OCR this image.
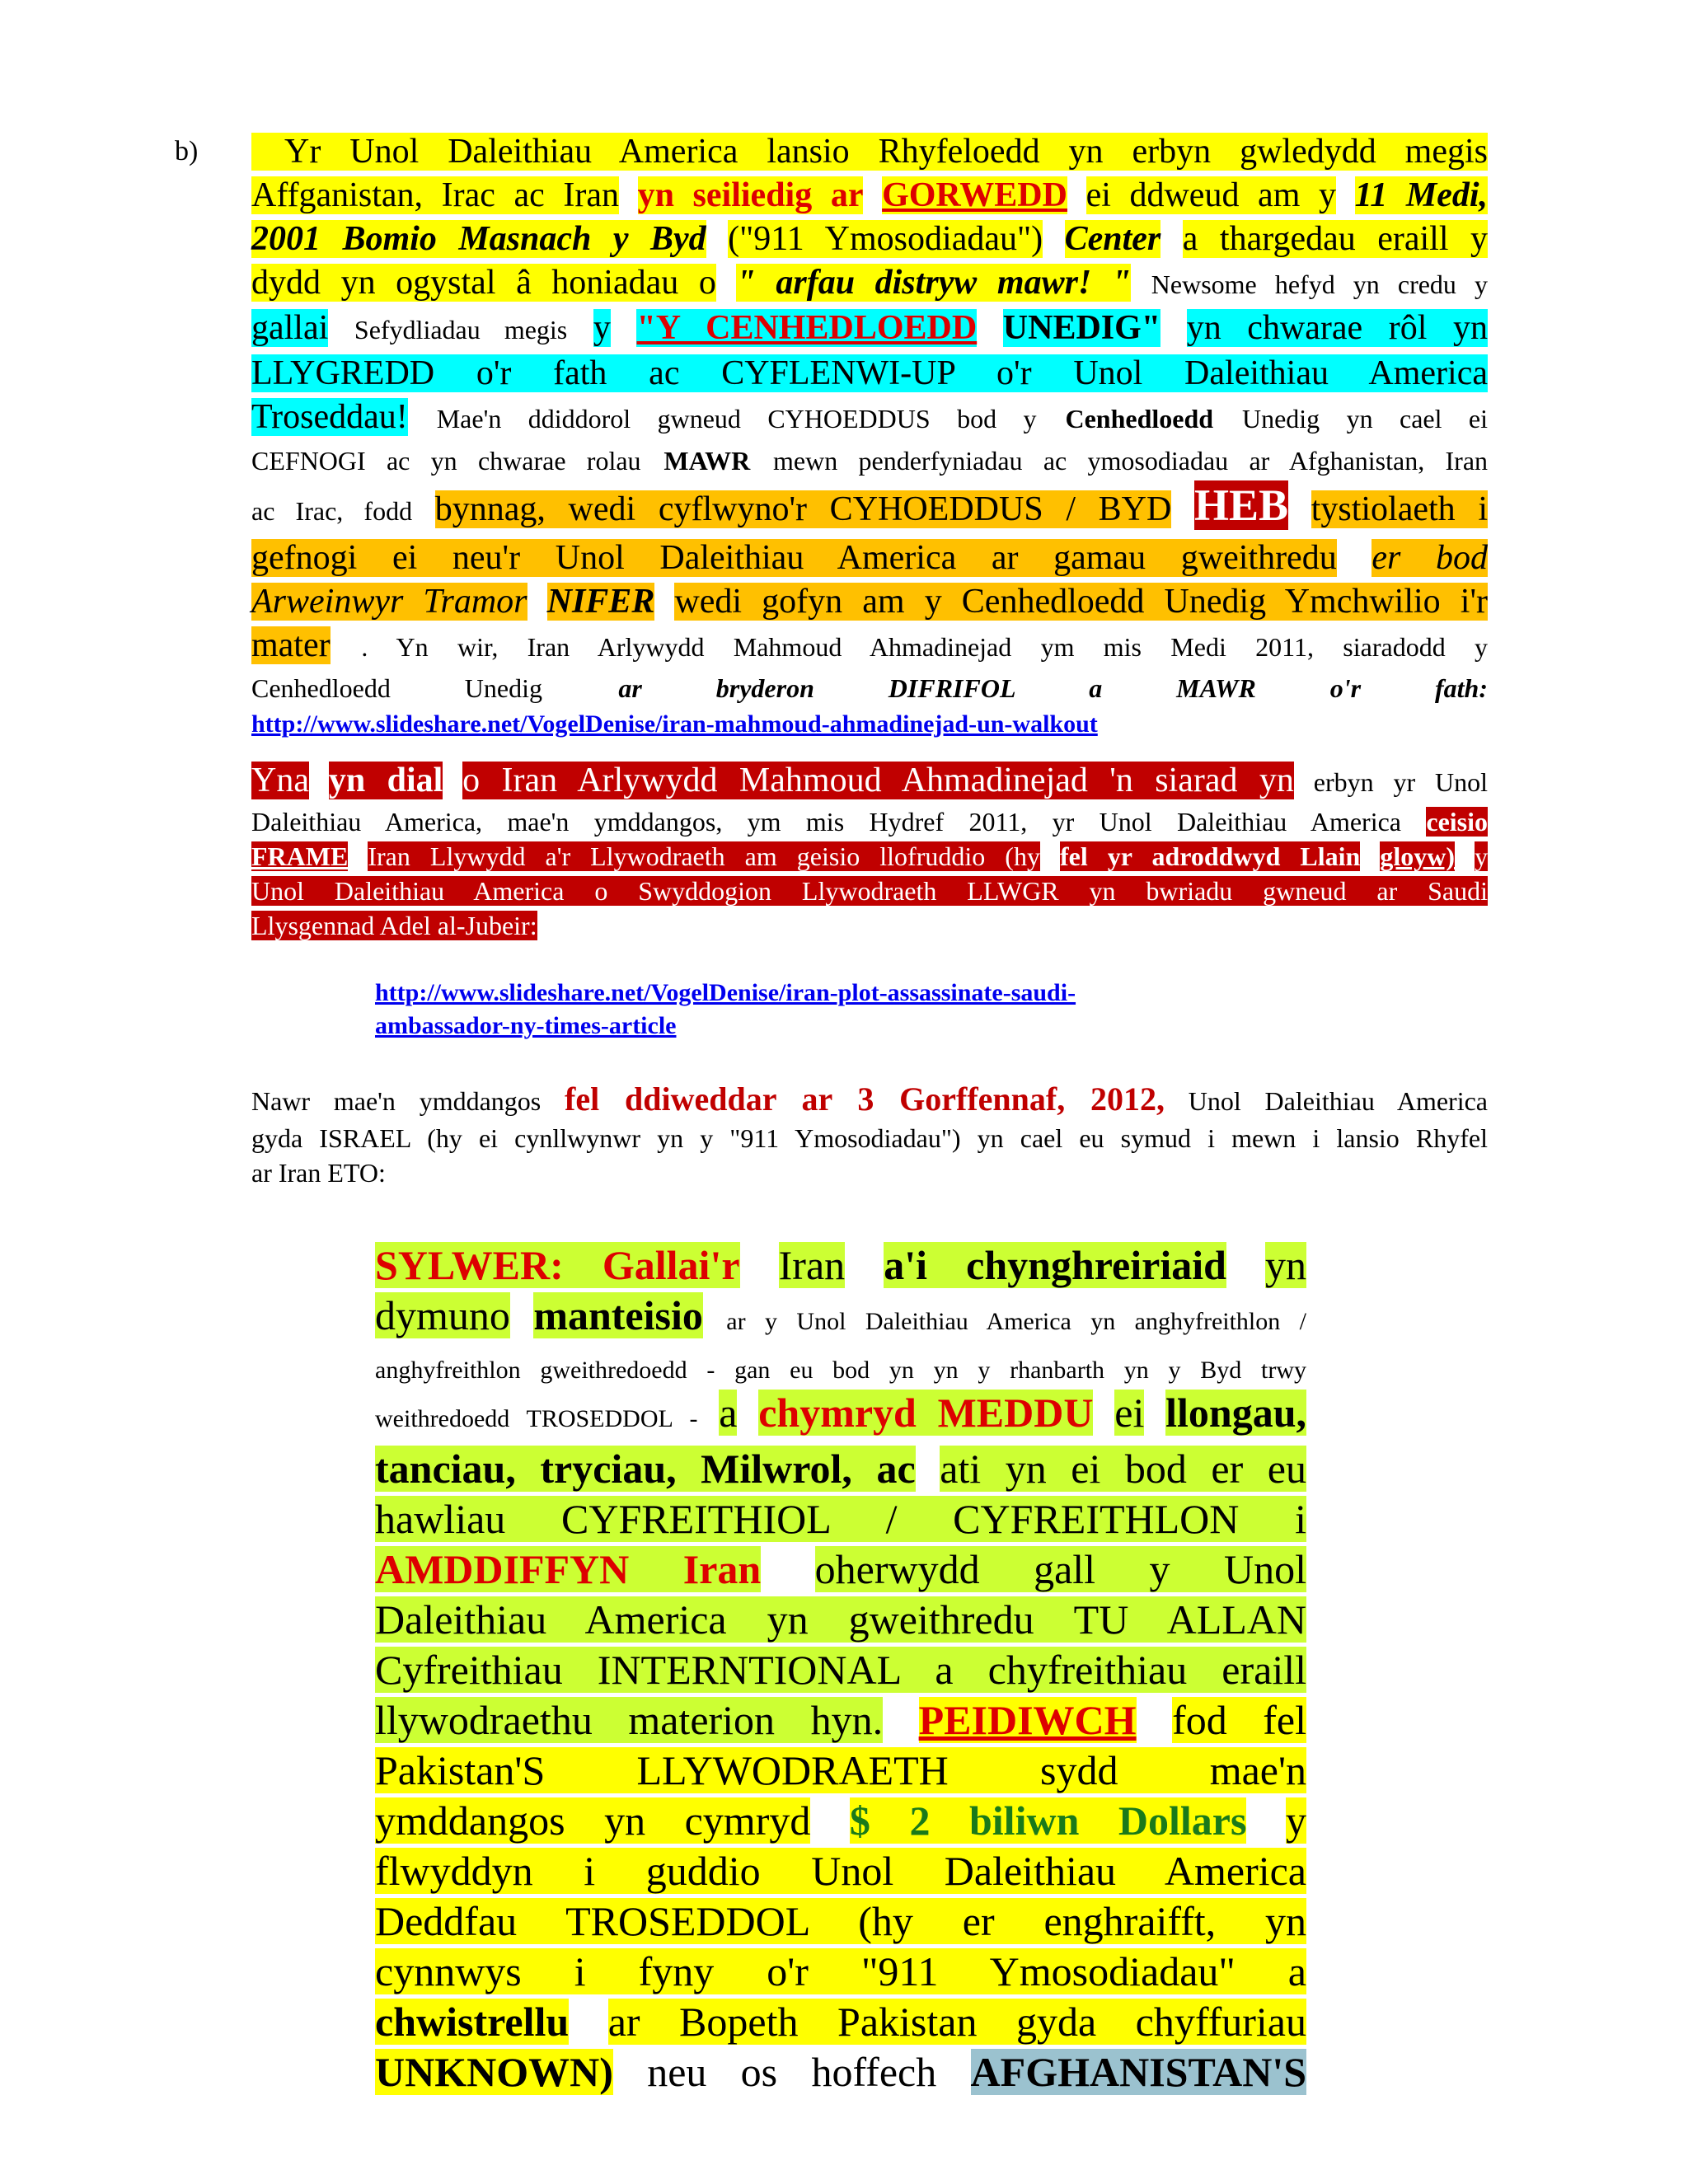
b)	Yr Unol Daleithiau America lansio Rhyfeloedd yn erbyn gwledydd megis
Affganistan, Irac ac Iran yn seiliedig ar GORWEDD ei ddweud am y 11 Medi,
2001 Bomio Masnach y Byd ("911 Ymosodiadau") Center a thargedau eraill y
dydd yn ogystal â honiadau o " arfau distryw mawr! " Newsome hefyd yn credu y
gallai Sefydliadau megis y "Y CENHEDLOEDD UNEDIG" yn chwarae rôl yn
LLYGREDD o'r fath ac CYFLENWI-UP o'r Unol Daleithiau America
Troseddau! Mae'n ddiddorol gwneud CYHOEDDUS bod y Cenhedloedd Unedig yn cael ei
CEFNOGI ac yn chwarae rolau MAWR mewn penderfyniadau ac ymosodiadau ar Afghanistan, Iran
ac Irac, fodd bynnag, wedi cyflwyno'r CYHOEDDUS / BYD HEB tystiolaeth i
gefnogi ei neu'r Unol Daleithiau America ar gamau gweithredu er bod
Arweinwyr Tramor NIFER wedi gofyn am y Cenhedloedd Unedig Ymchwilio i'r
mater . Yn wir, Iran Arlywydd Mahmoud Ahmadinejad ym mis Medi 2011, siaradodd y
Cenhedloedd Unedig	ar bryderon DIFRIFOL a MAWR o'r fath:
http://www.slideshare.net/VogelDenise/iran-mahmoud-ahmadinejad-un-walkout
Yna yn dial o Iran Arlywydd Mahmoud Ahmadinejad 'n siarad yn erbyn yr Unol
Daleithiau America, mae'n ymddangos, ym mis Hydref 2011, yr Unol Daleithiau America ceisio
FRAME Iran Llywydd a'r Llywodraeth am geisio llofruddio (hy fel yr adroddwyd Llain gloyw) y
Unol Daleithiau America o Swyddogion Llywodraeth LLWGR yn bwriadu gwneud ar Saudi
Llysgennad Adel al-Jubeir:
http://www.slideshare.net/VogelDenise/iran-plot-assassinate-saudi-
ambassador-ny-times-article
Nawr mae'n ymddangos fel ddiweddar ar 3 Gorffennaf, 2012, Unol Daleithiau America
gyda ISRAEL (hy ei cynllwynwr yn y "911 Ymosodiadau") yn cael eu symud i mewn i lansio Rhyfel
ar Iran ETO:
SYLWER: Gallai'r Iran a'i chynghreiriaid yn
dymuno manteisio ar y Unol Daleithiau America yn anghyfreithlon /
anghyfreithlon gweithredoedd - gan eu bod yn yn y rhanbarth yn y Byd trwy
weithredoedd TROSEDDOL - a chymryd MEDDU ei llongau,
tanciau, tryciau, Milwrol, ac ati yn ei bod er eu
hawliau CYFREITHIOL / CYFREITHLON i
AMDDIFFYN Iran oherwydd gall y Unol
Daleithiau America yn gweithredu TU ALLAN
Cyfreithiau INTERNTIONAL a chyfreithiau eraill
llywodraethu materion hyn. PEIDIWCH fod fel
Pakistan'S LLYWODRAETH sydd mae'n
ymddangos yn cymryd $ 2 biliwn Dollars y
flwyddyn i guddio Unol Daleithiau America
Deddfau TROSEDDOL (hy er enghraifft, yn
cynnwys i fyny o'r "911 Ymosodiadau" a
chwistrellu ar Bopeth Pakistan gyda chyffuriau
UNKNOWN) neu os hoffech AFGHANISTAN'S
